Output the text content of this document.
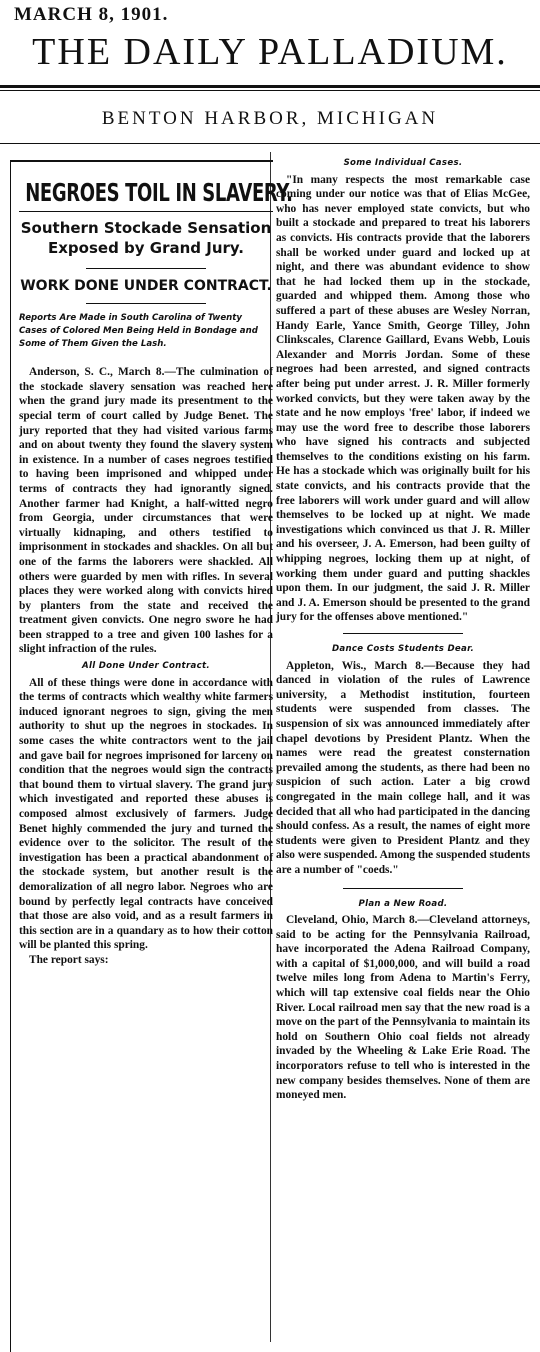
MARCH 8, 1901.
THE DAILY PALLADIUM.
BENTON HARBOR, MICHIGAN
NEGROES TOIL IN SLAVERY.
Southern Stockade Sensation Exposed by Grand Jury.
WORK DONE UNDER CONTRACT.
Reports Are Made in South Carolina of Twenty Cases of Colored Men Being Held in Bondage and Some of Them Given the Lash.

Anderson, S. C., March 8.—The culmination of the stockade slavery sensation was reached here when the grand jury made its presentment to the special term of court called by Judge Benet. The jury reported that they had visited various farms and on about twenty they found the slavery system in existence. In a number of cases negroes testified to having been imprisoned and whipped under terms of contracts they had ignorantly signed. Another farmer had Knight, a half-witted negro from Georgia, under circumstances that were virtually kidnaping, and others testified to imprisonment in stockades and shackles. On all but one of the farms the laborers were shackled. All others were guarded by men with rifles. In several places they were worked along with convicts hired by planters from the state and received the treatment given convicts. One negro swore he had been strapped to a tree and given 100 lashes for a slight infraction of the rules.

All Done Under Contract.

All of these things were done in accordance with the terms of contracts which wealthy white farmers induced ignorant negroes to sign, giving the men authority to shut up the negroes in stockades. In some cases the white contractors went to the jail and gave bail for negroes imprisoned for larceny on condition that the negroes would sign the contracts that bound them to virtual slavery. The grand jury which investigated and reported these abuses is composed almost exclusively of farmers. Judge Benet highly commended the jury and turned the evidence over to the solicitor. The result of the investigation has been a practical abandonment of the stockade system, but another result is the demoralization of all negro labor. Negroes who are bound by perfectly legal contracts have conceived that those are also void, and as a result farmers in this section are in a quandary as to how their cotton will be planted this spring.

The report says:

Some Individual Cases.

"In many respects the most remarkable case coming under our notice was that of Elias McGee, who has never employed state convicts, but who built a stockade and prepared to treat his laborers as convicts. His contracts provide that the laborers shall be worked under guard and locked up at night, and there was abundant evidence to show that he had locked them up in the stockade, guarded and whipped them. Among those who suffered a part of these abuses are Wesley Norran, Handy Earle, Yance Smith, George Tilley, John Clinkscales, Clarence Gaillard, Evans Webb, Louis Alexander and Morris Jordan. Some of these negroes had been arrested, and signed contracts after being put under arrest. J. R. Miller formerly worked convicts, but they were taken away by the state and he now employs 'free' labor, if indeed we may use the word free to describe those laborers who have signed his contracts and subjected themselves to the conditions existing on his farm. He has a stockade which was originally built for his state convicts, and his contracts provide that the free laborers will work under guard and will allow themselves to be locked up at night. We made investigations which convinced us that J. R. Miller and his overseer, J. A. Emerson, had been guilty of whipping negroes, locking them up at night, of working them under guard and putting shackles upon them. In our judgment, the said J. R. Miller and J. A. Emerson should be presented to the grand jury for the offenses above mentioned."

Dance Costs Students Dear.

Appleton, Wis., March 8.—Because they had danced in violation of the rules of Lawrence university, a Methodist institution, fourteen students were suspended from classes. The suspension of six was announced immediately after chapel devotions by President Plantz. When the names were read the greatest consternation prevailed among the students, as there had been no suspicion of such action. Later a big crowd congregated in the main college hall, and it was decided that all who had participated in the dancing should confess. As a result, the names of eight more students were given to President Plantz and they also were suspended. Among the suspended students are a number of "coeds."

Plan a New Road.

Cleveland, Ohio, March 8.—Cleveland attorneys, said to be acting for the Pennsylvania Railroad, have incorporated the Adena Railroad Company, with a capital of $1,000,000, and will build a road twelve miles long from Adena to Martin's Ferry, which will tap extensive coal fields near the Ohio River. Local railroad men say that the new road is a move on the part of the Pennsylvania to maintain its hold on Southern Ohio coal fields not already invaded by the Wheeling & Lake Erie Road. The incorporators refuse to tell who is interested in the new company besides themselves. None of them are moneyed men.
